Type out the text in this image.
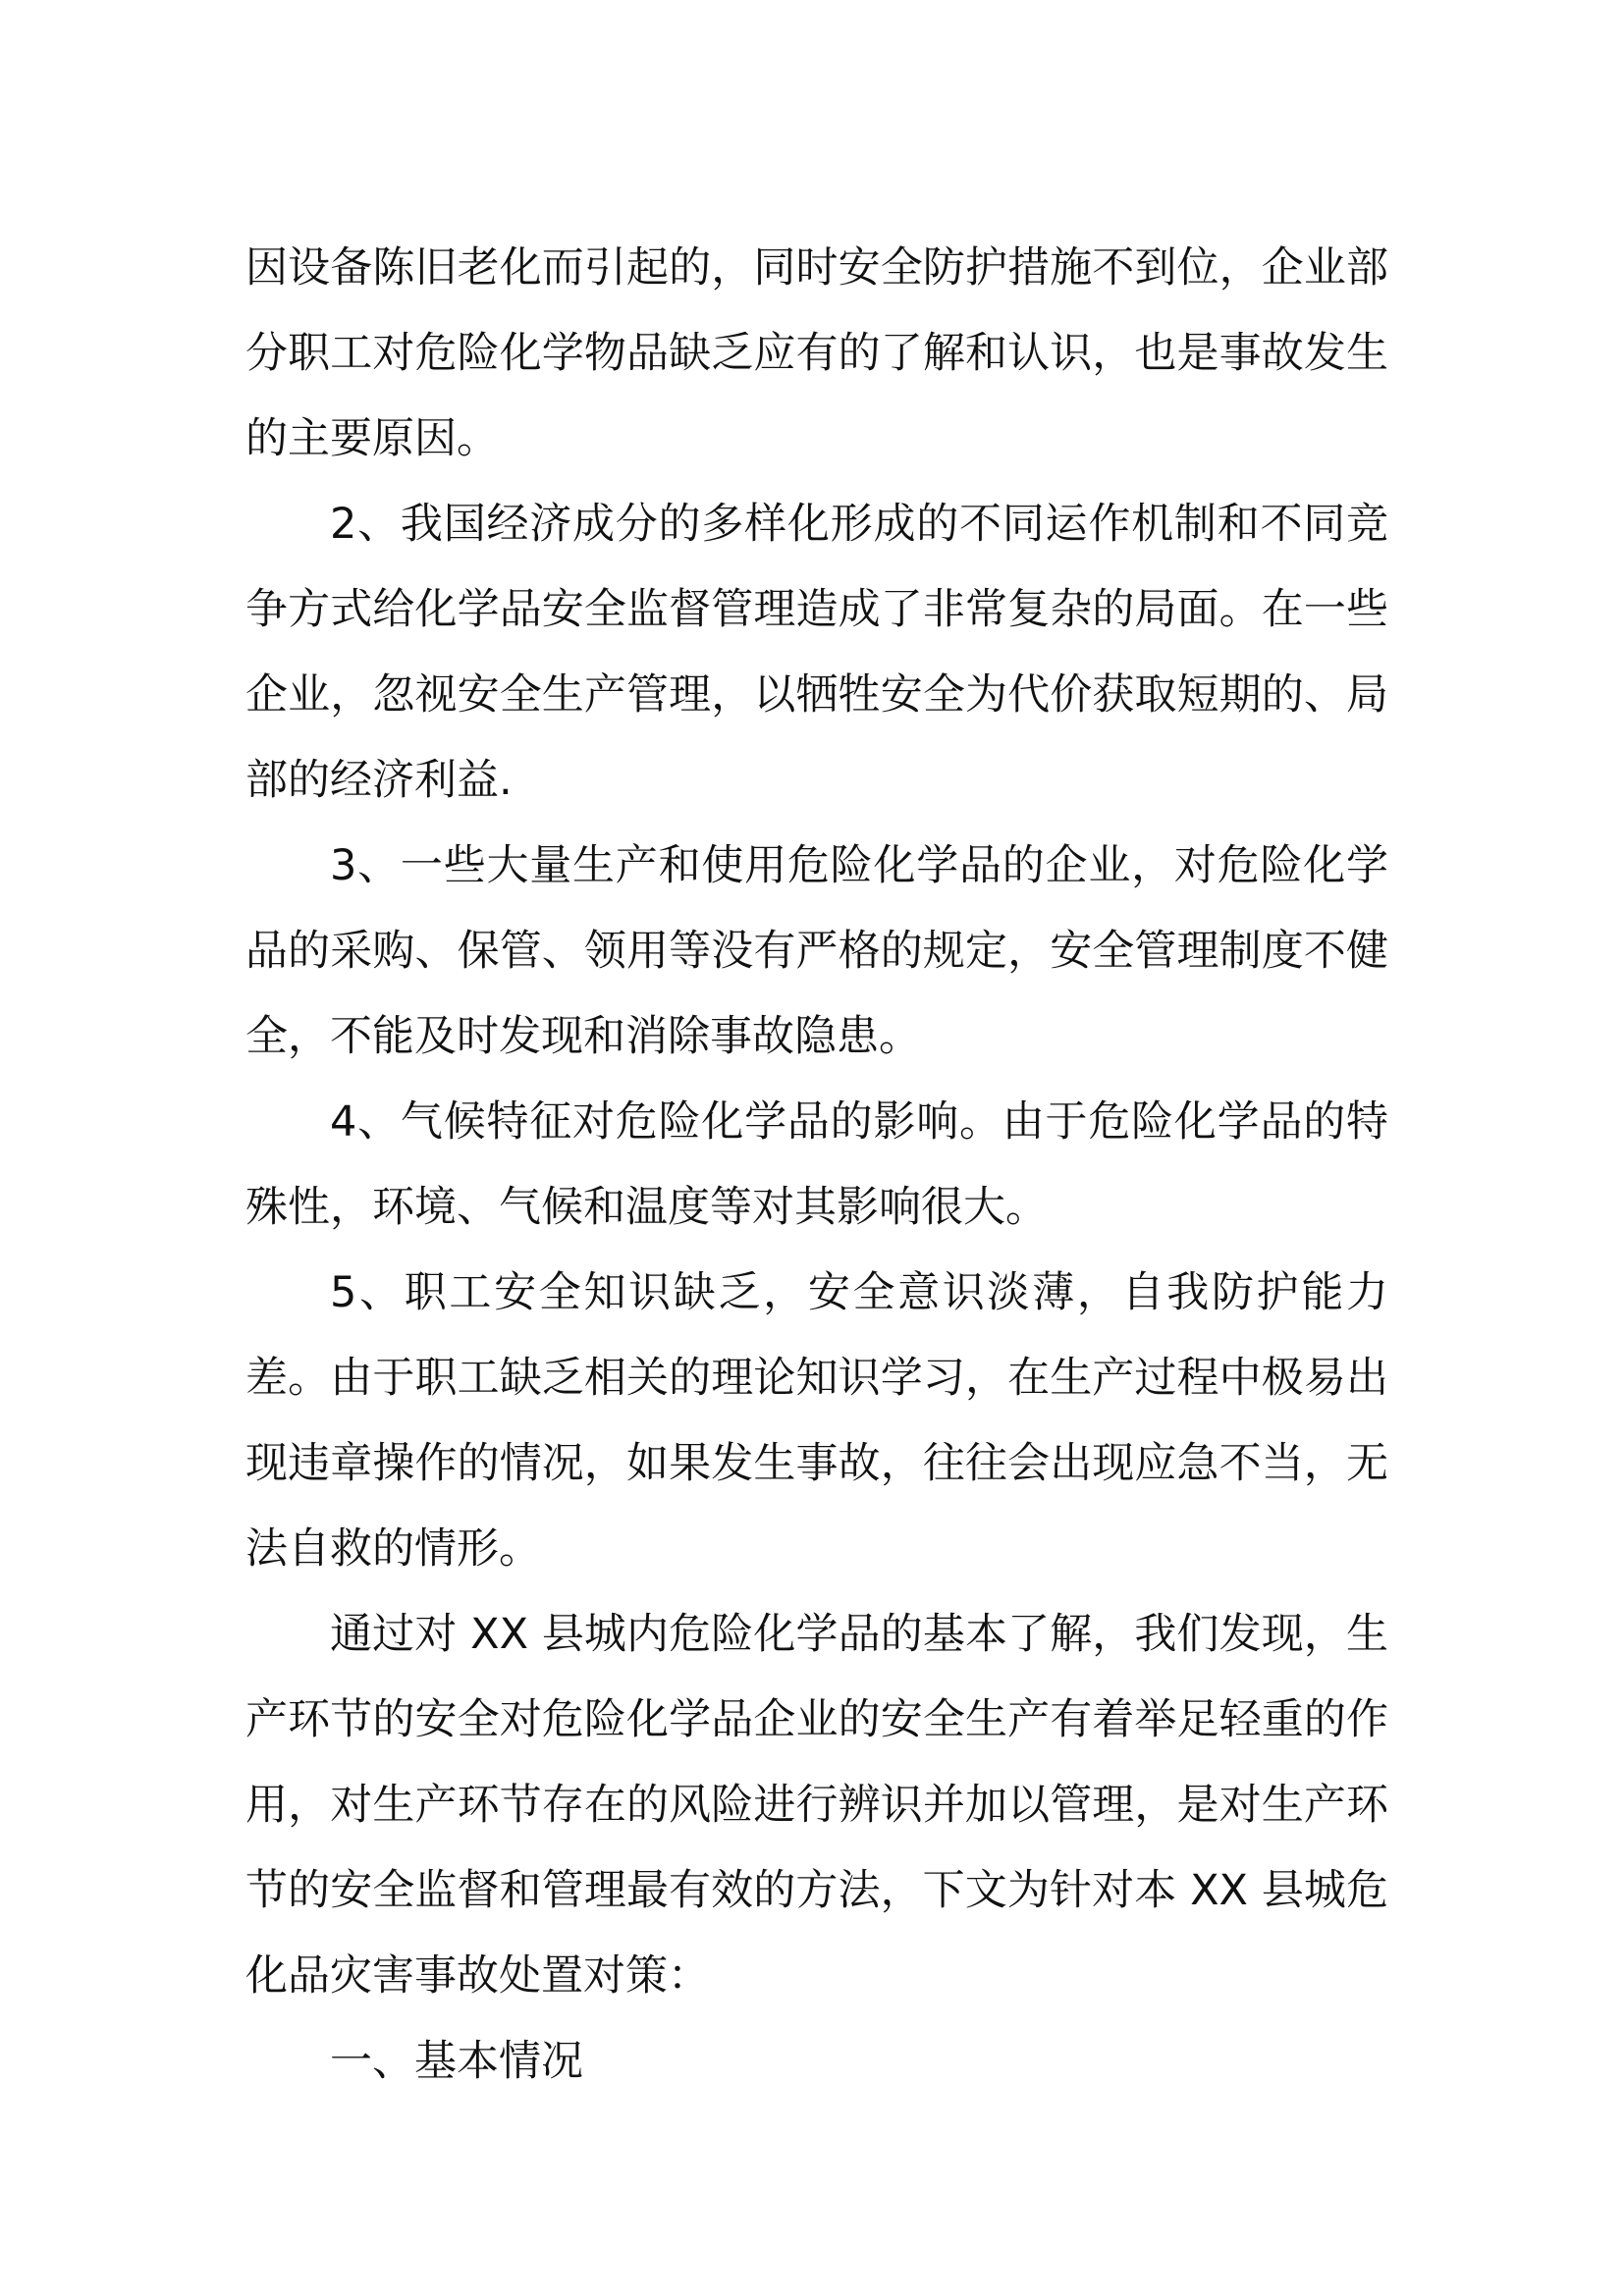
因设备陈旧老化而引起的，同时安全防护措施不到位，企业部分职工对危险化学物品缺乏应有的了解和认识，也是事故发生的主要原因。

2、我国经济成分的多样化形成的不同运作机制和不同竞争方式给化学品安全监督管理造成了非常复杂的局面。在一些企业，忽视安全生产管理，以牺牲安全为代价获取短期的、局部的经济利益.

3、一些大量生产和使用危险化学品的企业，对危险化学品的采购、保管、领用等没有严格的规定，安全管理制度不健全，不能及时发现和消除事故隐患。

4、气候特征对危险化学品的影响。由于危险化学品的特殊性，环境、气候和温度等对其影响很大。

5、职工安全知识缺乏，安全意识淡薄，自我防护能力差。由于职工缺乏相关的理论知识学习，在生产过程中极易出现违章操作的情况，如果发生事故，往往会出现应急不当，无法自救的情形。

通过对 XX 县城内危险化学品的基本了解，我们发现，生产环节的安全对危险化学品企业的安全生产有着举足轻重的作用，对生产环节存在的风险进行辨识并加以管理，是对生产环节的安全监督和管理最有效的方法，下文为针对本 XX 县城危化品灾害事故处置对策：

一、基本情况
